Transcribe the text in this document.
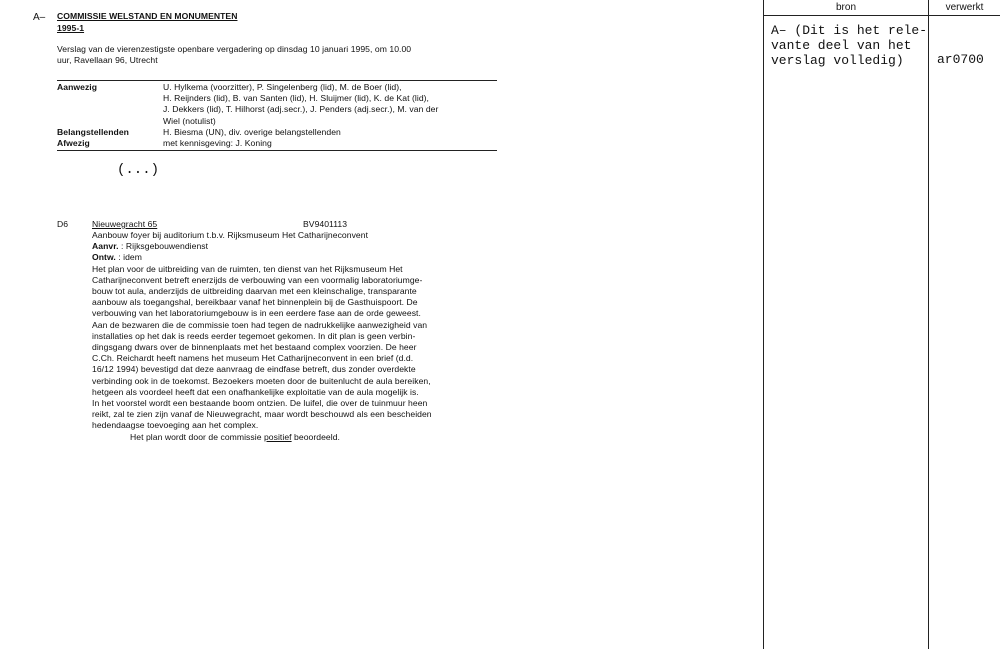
A– COMMISSIE WELSTAND EN MONUMENTEN
1995-1
Verslag van de vierenzestigste openbare vergadering op dinsdag 10 januari 1995, om 10.00
uur, Ravellaan 96, Utrecht
Aanwezig	U. Hylkema (voorzitter), P. Singelenberg (lid), M. de Boer (lid),
H. Reijnders (lid), B. van Santen (lid), H. Sluijmer (lid), K. de Kat (lid),
J. Dekkers (lid), T. Hilhorst (adj.secr.), J. Penders (adj.secr.), M. van der
Wiel (notulist)
Belangstellenden	H. Biesma (UN), div. overige belangstellenden
Afwezig	met kennisgeving: J. Koning
(...)
D6	Nieuwegracht 65	BV9401113
Aanbouw foyer bij auditorium t.b.v. Rijksmuseum Het Catharijneconvent
Aanvr. : Rijksgebouwendienst
Ontw. : idem
Het plan voor de uitbreiding van de ruimten, ten dienst van het Rijksmuseum Het
Catharijneconvent betreft enerzijds de verbouwing van een voormalig laboratoriumge-
bouw tot aula, anderzijds de uitbreiding daarvan met een kleinschalige, transparante
aanbouw als toegangshal, bereikbaar vanaf het binnenplein bij de Gasthuispoort. De
verbouwing van het laboratoriumgebouw is in een eerdere fase aan de orde geweest.
Aan de bezwaren die de commissie toen had tegen de nadrukkelijke aanwezigheid van
installaties op het dak is reeds eerder tegemoet gekomen. In dit plan is geen verbin-
dingsgang dwars over de binnenplaats met het bestaand complex voorzien. De heer
C.Ch. Reichardt heeft namens het museum Het Catharijneconvent in een brief (d.d.
16/12 1994) bevestigd dat deze aanvraag de eindfase betreft, dus zonder overdekte
verbinding ook in de toekomst. Bezoekers moeten door de buitenlucht de aula bereiken,
hetgeen als voordeel heeft dat een onafhankelijke exploitatie van de aula mogelijk is.
In het voorstel wordt een bestaande boom ontzien. De luifel, die over de tuinmuur heen
reikt, zal te zien zijn vanaf de Nieuwegracht, maar wordt beschouwd als een bescheiden
hedendaagse toevoeging aan het complex.
Het plan wordt door de commissie positief beoordeeld.
bron	verwerkt
A– (Dit is het rele-
vante deel van het
verslag volledig)	ar0700
